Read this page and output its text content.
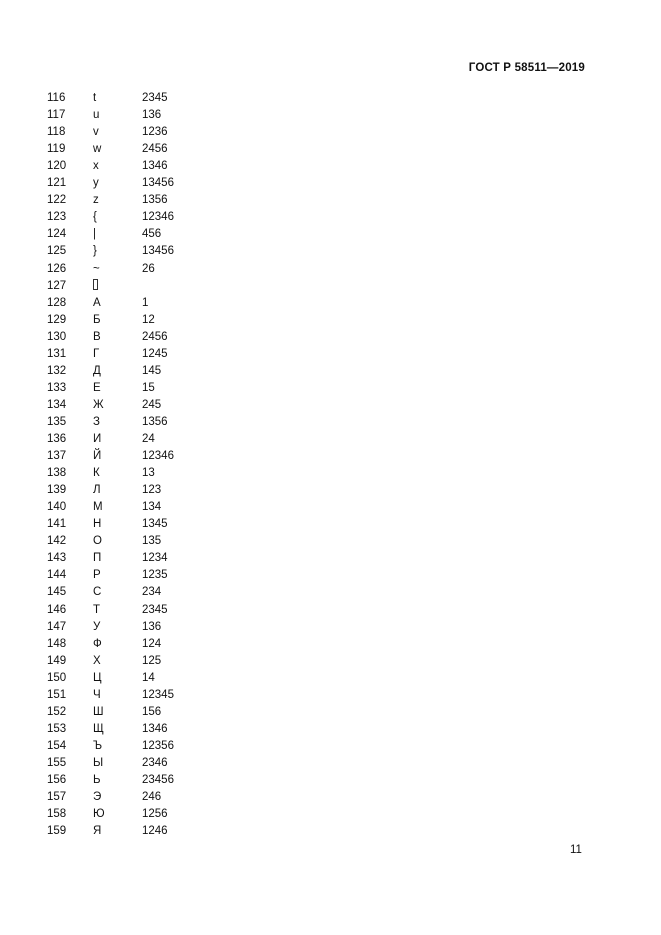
ГОСТ Р 58511—2019
116 t	2345
117 u	136
118 v	1236
119 w	2456
120 x	1346
121 y	13456
122 z	1356
123 {	12346
124 |	456
125 }	13456
126 ~	26
127
128 А	1
129 Б	12
130 В	2456
131 Г	1245
132 Д	145
133 Е	15
134 Ж	245
135 З	1356
136 И	24
137 Й	12346
138 К	13
139 Л	123
140 М	134
141 Н	1345
142 О	135
143 П	1234
144 Р	1235
145 С	234
146 Т	2345
147 У	136
148 Ф	124
149 Х	125
150 Ц	14
151 Ч	12345
152 Ш	156
153 Щ	1346
154 Ъ	12356
155 Ы	2346
156 Ь	23456
157 Э	246
158 Ю	1256
159 Я	1246
11
